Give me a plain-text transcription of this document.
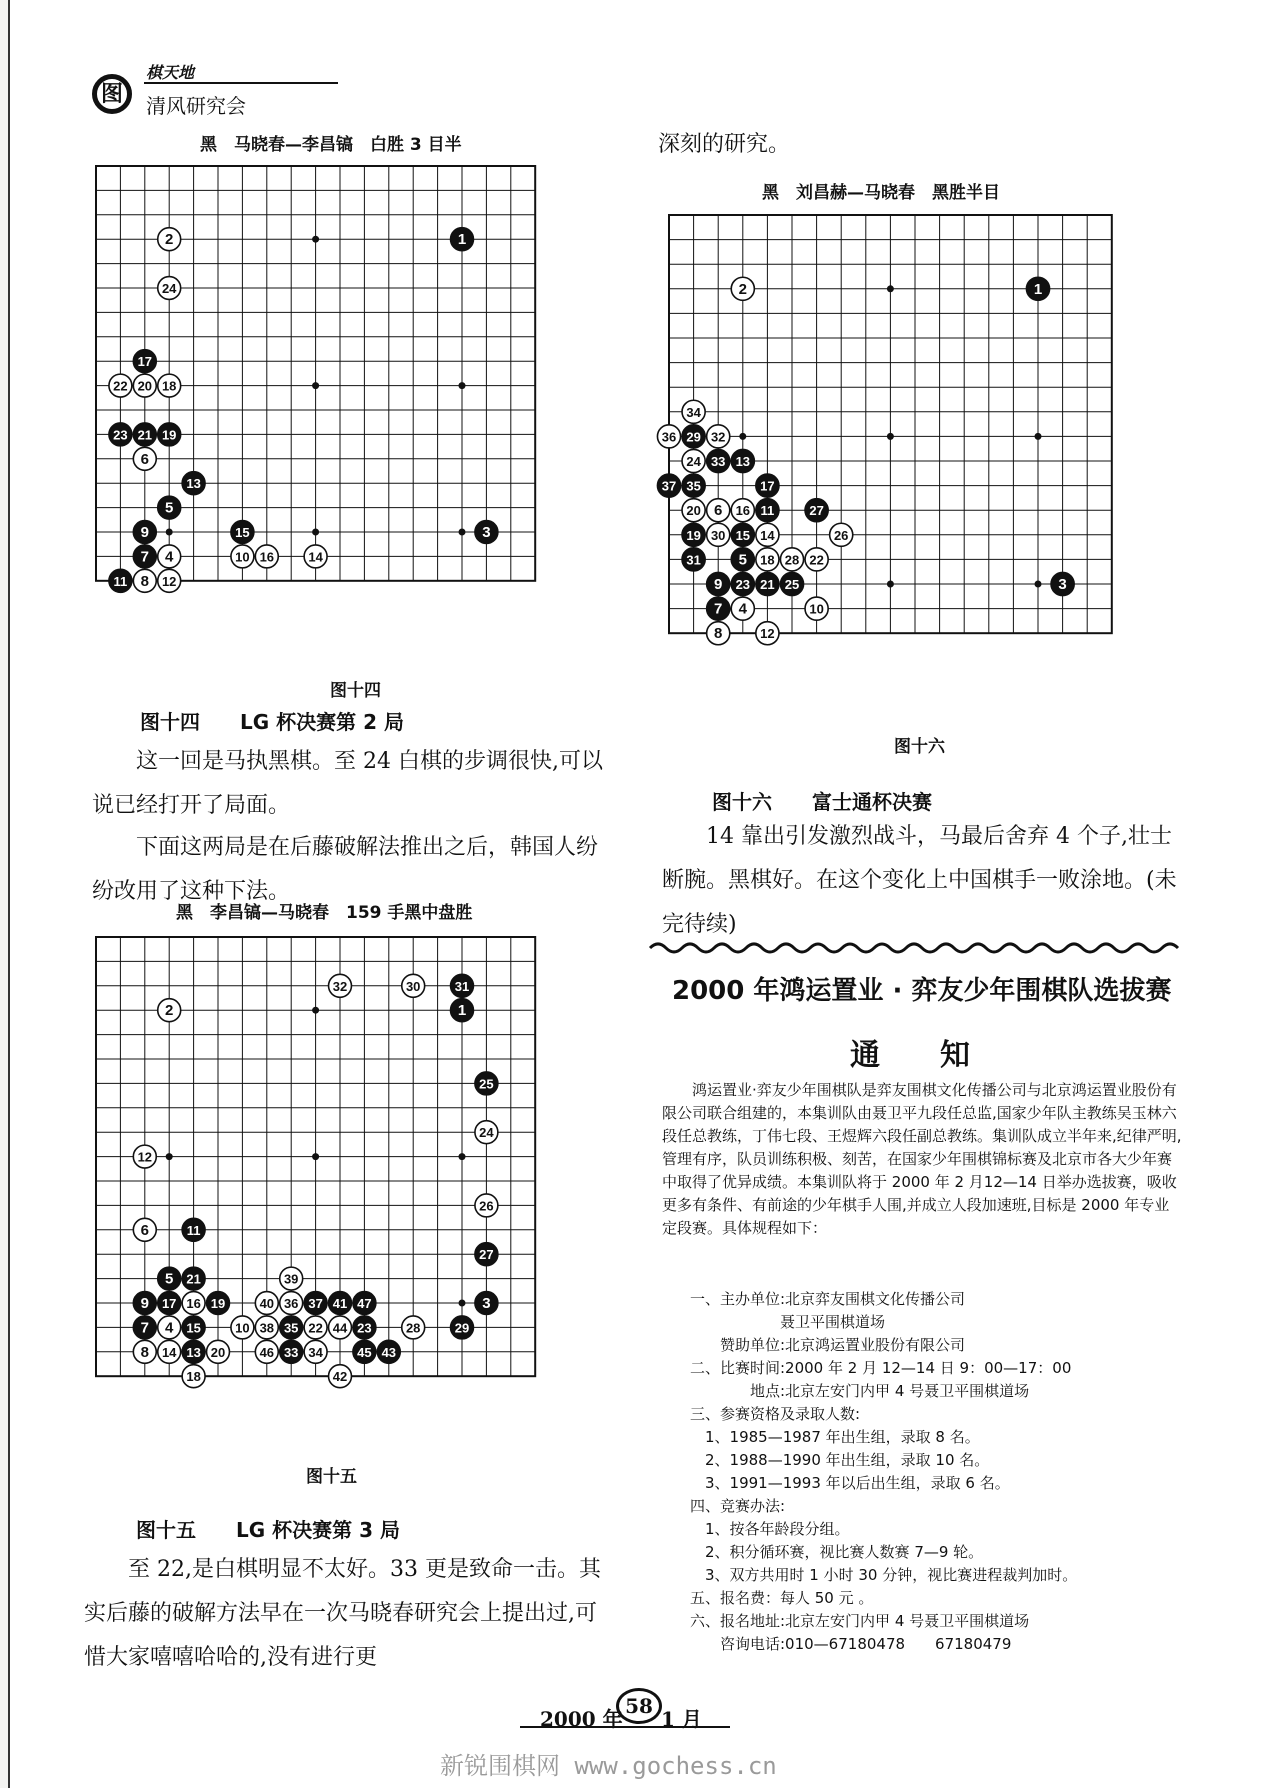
图
棋天地
清风研究会
黑　马晓春—李昌镐　白胜 3 目半
2	1
24
17
22 20 18
23 21 19
6
13
5
9	15	3
7 4	10 16	14
11 8 12
图十四
图十四　　LG 杯决赛第 2 局
这一回是马执黑棋。至 24 白棋的步调很快,可以说已经打开了局面。
下面这两局是在后藤破解法推出之后，韩国人纷纷改用了这种下法。
黑　李昌镐—马晓春　159 手黑中盘胜
32	30	31
2	1
25
24
12
26
6	11
27
5 21	39
9 17 16 19	40 36 37 41 47	3
7 4 15	10 38 35 22 44 23	28	29
8 14 13 20	46 33 34	45 43
18	42
图十五
图十五　　LG 杯决赛第 3 局
至 22,是白棋明显不太好。33 更是致命一击。其实后藤的破解方法早在一次马晓春研究会上提出过,可惜大家嘻嘻哈哈的,没有进行更
深刻的研究。
黑　刘昌赫—马晓春　黑胜半目
2	1
34
36 29 32
24 33 13
37 35	17
20 6 16 11	27
19 30 15 14	26
31	5 18 28 22
9 23 21 25	3
7 4	10
8	12
图十六
图十六　　富士通杯决赛
14 靠出引发激烈战斗，马最后舍弃 4 个子,壮士断腕。黑棋好。在这个变化上中国棋手一败涂地。(未完待续)
2000 年鸿运置业 · 弈友少年围棋队选拔赛
通　　知
鸿运置业·弈友少年围棋队是弈友围棋文化传播公司与北京鸿运置业股份有限公司联合组建的，本集训队由聂卫平九段任总监,国家少年队主教练吴玉林六段任总教练，丁伟七段、王煜辉六段任副总教练。集训队成立半年来,纪律严明,管理有序，队员训练积极、刻苦，在国家少年围棋锦标赛及北京市各大少年赛中取得了优异成绩。本集训队将于 2000 年 2 月12—14 日举办选拔赛，吸收更多有条件、有前途的少年棋手人围,并成立人段加速班,目标是 2000 年专业定段赛。具体规程如下：
一、主办单位:北京弈友围棋文化传播公司
　　　　　　聂卫平围棋道场
　　赞助单位:北京鸿运置业股份有限公司
二、比赛时间:2000 年 2 月 12—14 日 9：00—17：00
　　　　地点:北京左安门内甲 4 号聂卫平围棋道场
三、参赛资格及录取人数:
　1、1985—1987 年出生组，录取 8 名。
　2、1988—1990 年出生组，录取 10 名。
　3、1991—1993 年以后出生组，录取 6 名。
四、竞赛办法:
　1、按各年龄段分组。
　2、积分循环赛，视比赛人数赛 7—9 轮。
　3、双方共用时 1 小时 30 分钟，视比赛进程裁判加时。
五、报名费：每人 50 元 。
六、报名地址:北京左安门内甲 4 号聂卫平围棋道场
　　咨询电话:010—67180478　　67180479
2000 年
58
1 月
新锐围棋网 www.gochess.cn
